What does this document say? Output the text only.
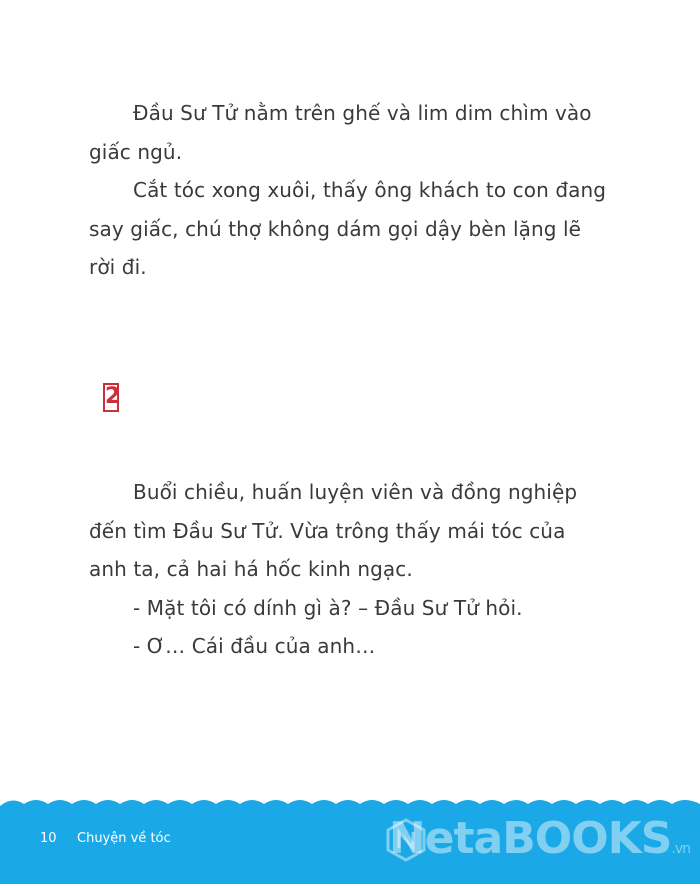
Đầu Sư Tử nằm trên ghế và lim dim chìm vào giấc ngủ.

Cắt tóc xong xuôi, thấy ông khách to con đang say giấc, chú thợ không dám gọi dậy bèn lặng lẽ rời đi.

2

Buổi chiều, huấn luyện viên và đồng nghiệp đến tìm Đầu Sư Tử. Vừa trông thấy mái tóc của anh ta, cả hai há hốc kinh ngạc.

- Mặt tôi có dính gì à? – Đầu Sư Tử hỏi.

- Ơ… Cái đầu của anh…

10 Chuyện về tóc	NetaBOOKS.vn
